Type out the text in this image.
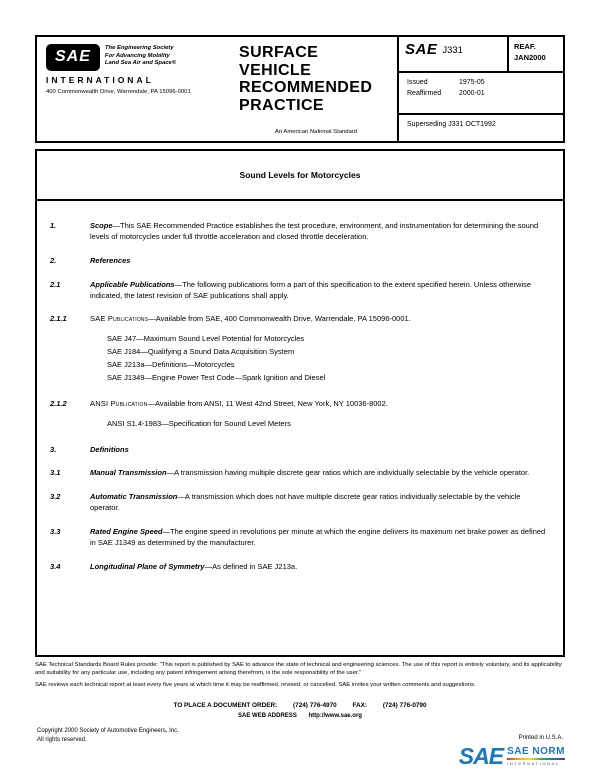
SAE	The Engineering Society
For Advancing Mobility
Land Sea Air and Space®
INTERNATIONAL
400 Commonwealth Drive, Warrendale, PA 15096-0001
SURFACE
VEHICLE
RECOMMENDED
PRACTICE
An American National Standard
SAE J331	REAF.
JAN2000
Issued	1975-05
Reaffirmed	2000-01
Superseding J331 OCT1992
Sound Levels for Motorcycles
1.	Scope—This SAE Recommended Practice establishes the test procedure, environment, and instrumentation for determining the sound levels of motorcycles under full throttle acceleration and closed throttle deceleration.
2.	References
2.1	Applicable Publications—The following publications form a part of this specification to the extent specified herein. Unless otherwise indicated, the latest revision of SAE publications shall apply.
2.1.1	SAE Publications—Available from SAE, 400 Commonwealth Drive, Warrendale, PA 15096-0001.
SAE J47—Maximum Sound Level Potential for Motorcycles
SAE J184—Qualifying a Sound Data Acquisition System
SAE J213a—Definitions—Motorcycles
SAE J1349—Engine Power Test Code—Spark Ignition and Diesel
2.1.2	ANSI Publication—Available from ANSI, 11 West 42nd Street, New York, NY 10036-8002.
ANSI S1.4-1983—Specification for Sound Level Meters
3.	Definitions
3.1	Manual Transmission—A transmission having multiple discrete gear ratios which are individually selectable by the vehicle operator.
3.2	Automatic Transmission—A transmission which does not have multiple discrete gear ratios individually selectable by the vehicle operator.
3.3	Rated Engine Speed—The engine speed in revolutions per minute at which the engine delivers its maximum net brake power as defined in SAE J1349 as determined by the manufacturer.
3.4	Longitudinal Plane of Symmetry—As defined in SAE J213a.
SAE Technical Standards Board Rules provide: "This report is published by SAE to advance the state of technical and engineering sciences. The use of this report is entirely voluntary, and its applicability and suitability for any particular use, including any patent infringement arising therefrom, is the sole responsibility of the user."
SAE reviews each technical report at least every five years at which time it may be reaffirmed, revised, or cancelled. SAE invites your written comments and suggestions.
TO PLACE A DOCUMENT ORDER: (724) 776-4970 FAX: (724) 776-0790
SAE WEB ADDRESS http://www.sae.org
Copyright 2000 Society of Automotive Engineers, Inc.
All rights reserved.	Printed in U.S.A.
SAE SAE NORM
INTERNATIONAL
